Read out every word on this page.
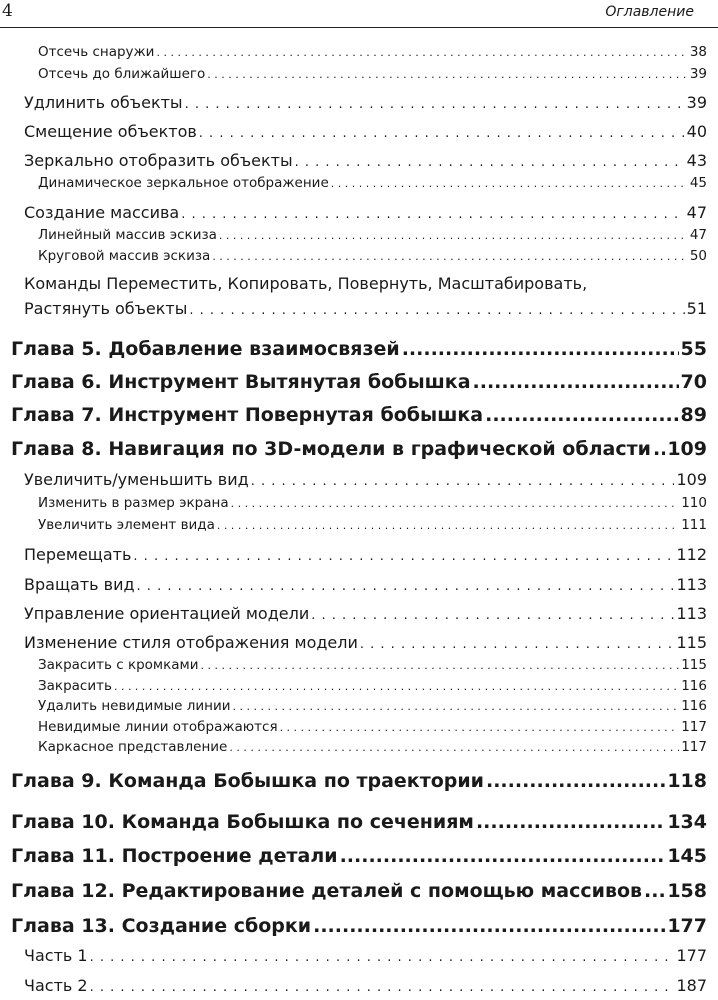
4	Оглавление
Отсечь снаружи . . .	38
Отсечь до ближайшего . . .	39
Удлинить объекты . . .	39
Смещение объектов . . .	40
Зеркально отобразить объекты . . .	43
Динамическое зеркальное отображение . . .	45
Создание массива . . .	47
Линейный массив эскиза . . .	47
Круговой массив эскиза . . .	50
Команды Переместить, Копировать, Повернуть, Масштабировать,
Растянуть объекты . . .	51
Глава 5. Добавление взаимосвязей .....	55
Глава 6. Инструмент Вытянутая бобышка .....	70
Глава 7. Инструмент Повернутая бобышка .....	89
Глава 8. Навигация по 3D-модели в графической области ..... 109
Увеличить/уменьшить вид . . .	109
Изменить в размер экрана . . .	110
Увеличить элемент вида . . .	111
Перемещать . . .	112
Вращать вид . . .	113
Управление ориентацией модели . . .	113
Изменение стиля отображения модели . . .	115
Закрасить с кромками . . .	115
Закрасить . . .	116
Удалить невидимые линии . . .	116
Невидимые линии отображаются . . .	117
Каркасное представление . . .	117
Глава 9. Команда Бобышка по траектории .....	118
Глава 10. Команда Бобышка по сечениям .....	134
Глава 11. Построение детали .....	145
Глава 12. Редактирование деталей с помощью массивов ..... 158
Глава 13. Создание сборки .....	177
Часть 1 . . .	177
Часть 2 . . .	187
